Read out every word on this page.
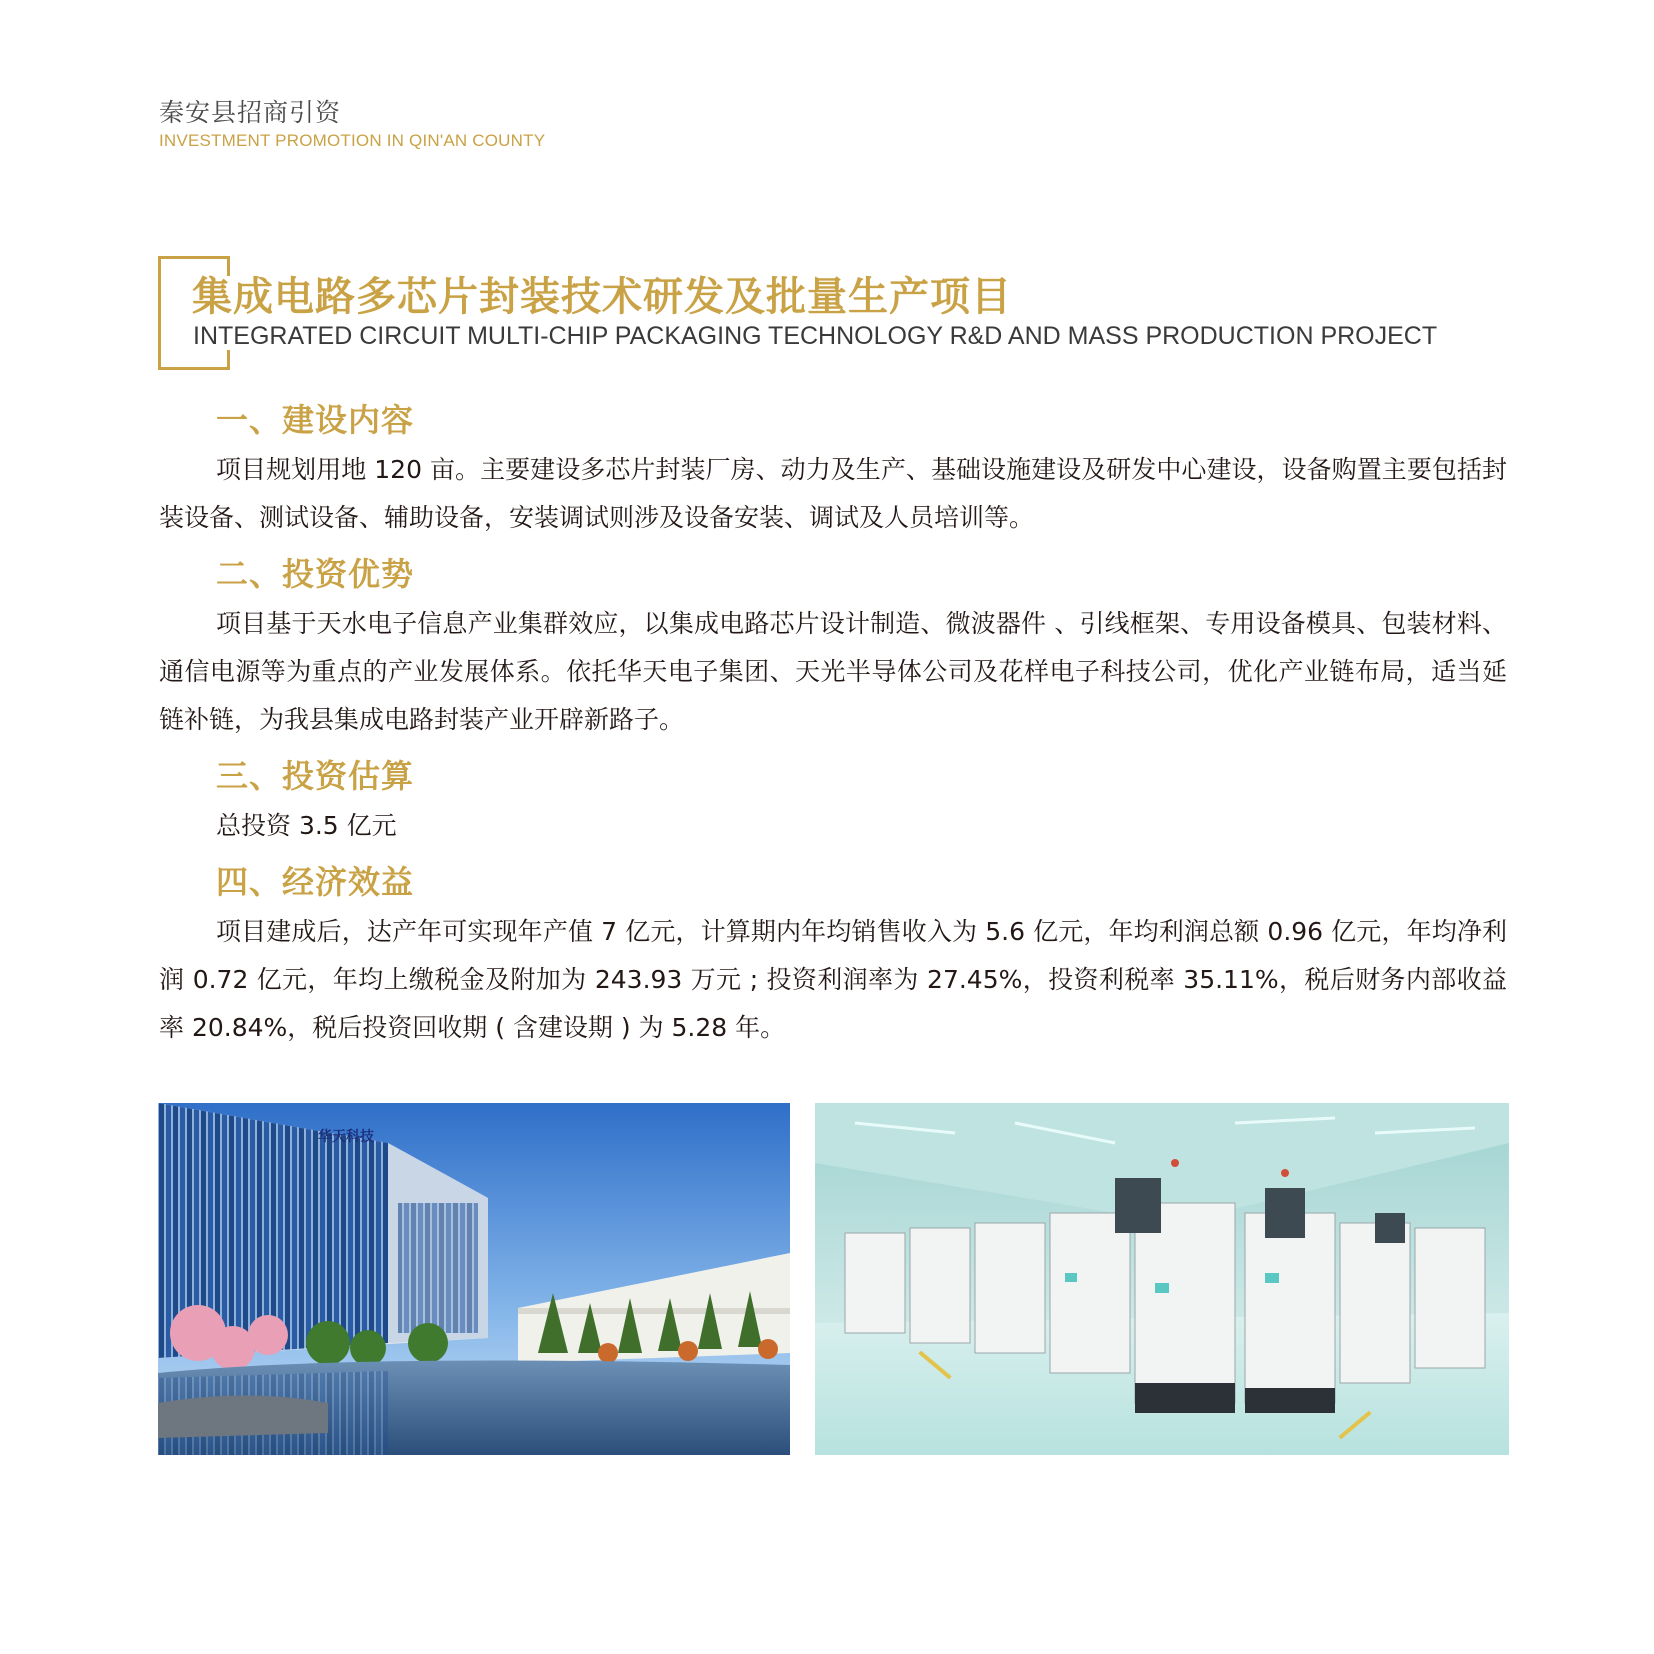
秦安县招商引资
INVESTMENT PROMOTION IN QIN'AN COUNTY
集成电路多芯片封装技术研发及批量生产项目
INTEGRATED CIRCUIT MULTI-CHIP PACKAGING TECHNOLOGY R&D AND MASS PRODUCTION PROJECT
一、建设内容

项目规划用地 120 亩。主要建设多芯片封装厂房、动力及生产、基础设施建设及研发中心建设，设备购置主要包括封装设备、测试设备、辅助设备，安装调试则涉及设备安装、调试及人员培训等。

二、投资优势

项目基于天水电子信息产业集群效应，以集成电路芯片设计制造、微波器件 、引线框架、专用设备模具、包装材料、通信电源等为重点的产业发展体系。依托华天电子集团、天光半导体公司及花样电子科技公司，优化产业链布局，适当延链补链，为我县集成电路封装产业开辟新路子。

三、投资估算

总投资 3.5 亿元

四、经济效益

项目建成后，达产年可实现年产值 7 亿元，计算期内年均销售收入为 5.6 亿元，年均利润总额 0.96 亿元，年均净利润 0.72 亿元，年均上缴税金及附加为 243.93 万元 ; 投资利润率为 27.45%，投资利税率 35.11%，税后财务内部收益率 20.84%，税后投资回收期 ( 含建设期 ) 为 5.28 年。

华天科技
